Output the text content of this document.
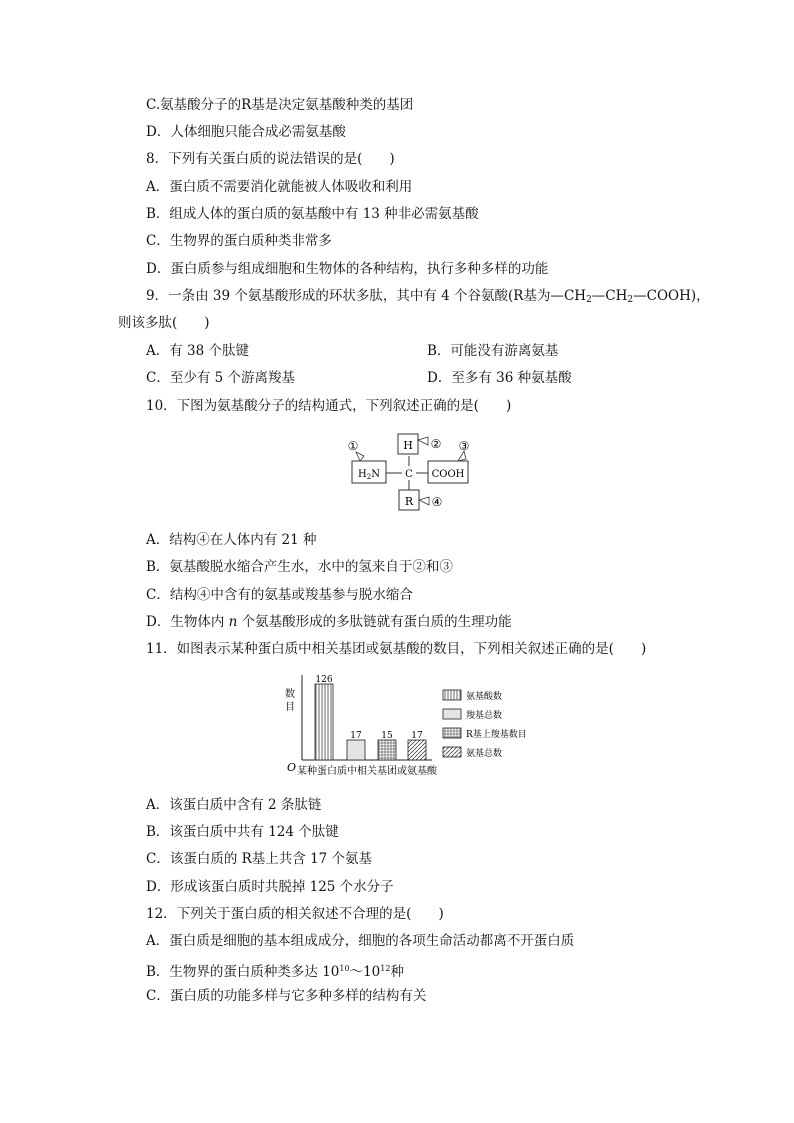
C.氨基酸分子的R基是决定氨基酸种类的基团
D．人体细胞只能合成必需氨基酸
8．下列有关蛋白质的说法错误的是(　　)
A．蛋白质不需要消化就能被人体吸收和利用
B．组成人体的蛋白质的氨基酸中有 13 种非必需氨基酸
C．生物界的蛋白质种类非常多
D．蛋白质参与组成细胞和生物体的各种结构，执行多种多样的功能
9．一条由 39 个氨基酸形成的环状多肽，其中有 4 个谷氨酸(R基为$—CH_2—CH_2—COOH$)，
则该多肽(　　)
A．有 38 个肽键	B．可能没有游离氨基
C．至少有 5 个游离羧基	D．至多有 36 种氨基酸
10．下图为氨基酸分子的结构通式，下列叙述正确的是(　　)
H ②
C
$H_2N$
①
COOH
③
R ④
A．结构④在人体内有 21 种
B．氨基酸脱水缩合产生水，水中的氢来自于②和③
C．结构④中含有的氨基或羧基参与脱水缩合
D．生物体内 n 个氨基酸形成的多肽链就有蛋白质的生理功能
11．如图表示某种蛋白质中相关基团或氨基酸的数目，下列相关叙述正确的是(　　)
126
17 15 17
数
目
O 某种蛋白质中相关基团或氨基酸
氨基酸数
羧基总数
R基上羧基数目
氨基总数
A．该蛋白质中含有 2 条肽链
B．该蛋白质中共有 124 个肽键
C．该蛋白质的 R基上共含 17 个氨基
D．形成该蛋白质时共脱掉 125 个水分子
12．下列关于蛋白质的相关叙述不合理的是(　　)
A．蛋白质是细胞的基本组成成分，细胞的各项生命活动都离不开蛋白质
B．生物界的蛋白质种类多达 $10^{10}\sim 10^{12}$种
C．蛋白质的功能多样与它多种多样的结构有关
